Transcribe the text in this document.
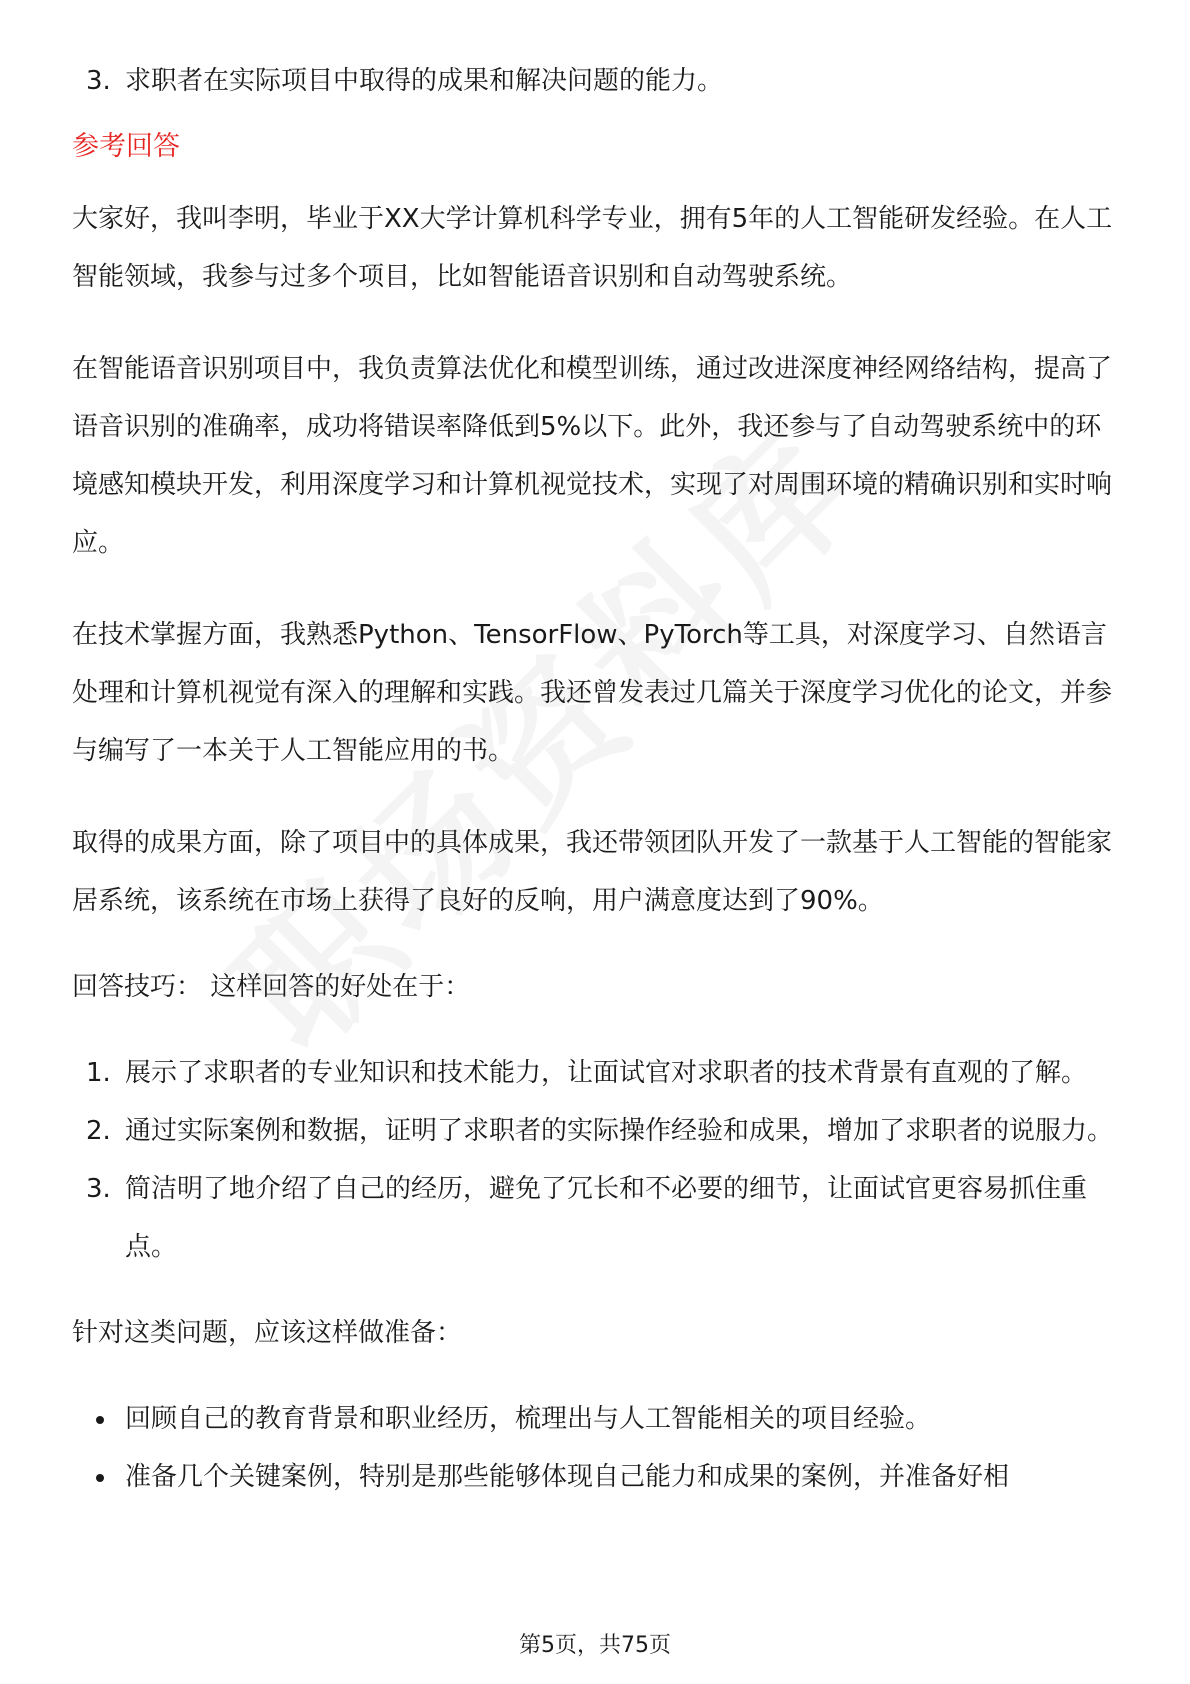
3. 求职者在实际项目中取得的成果和解决问题的能力。
参考回答

大家好，我叫李明，毕业于XX大学计算机科学专业，拥有5年的人工智能研发经验。在人工智能领域，我参与过多个项目，比如智能语音识别和自动驾驶系统。

在智能语音识别项目中，我负责算法优化和模型训练，通过改进深度神经网络结构，提高了语音识别的准确率，成功将错误率降低到5%以下。此外，我还参与了自动驾驶系统中的环境感知模块开发，利用深度学习和计算机视觉技术，实现了对周围环境的精确识别和实时响应。

在技术掌握方面，我熟悉Python、TensorFlow、PyTorch等工具，对深度学习、自然语言处理和计算机视觉有深入的理解和实践。我还曾发表过几篇关于深度学习优化的论文，并参与编写了一本关于人工智能应用的书。

取得的成果方面，除了项目中的具体成果，我还带领团队开发了一款基于人工智能的智能家居系统，该系统在市场上获得了良好的反响，用户满意度达到了90%。

回答技巧： 这样回答的好处在于：

1. 展示了求职者的专业知识和技术能力，让面试官对求职者的技术背景有直观的了解。
2. 通过实际案例和数据，证明了求职者的实际操作经验和成果，增加了求职者的说服力。
3. 简洁明了地介绍了自己的经历，避免了冗长和不必要的细节，让面试官更容易抓住重点。

针对这类问题，应该这样做准备：

回顾自己的教育背景和职业经历，梳理出与人工智能相关的项目经验。
准备几个关键案例，特别是那些能够体现自己能力和成果的案例，并准备好相
第5页，共75页
